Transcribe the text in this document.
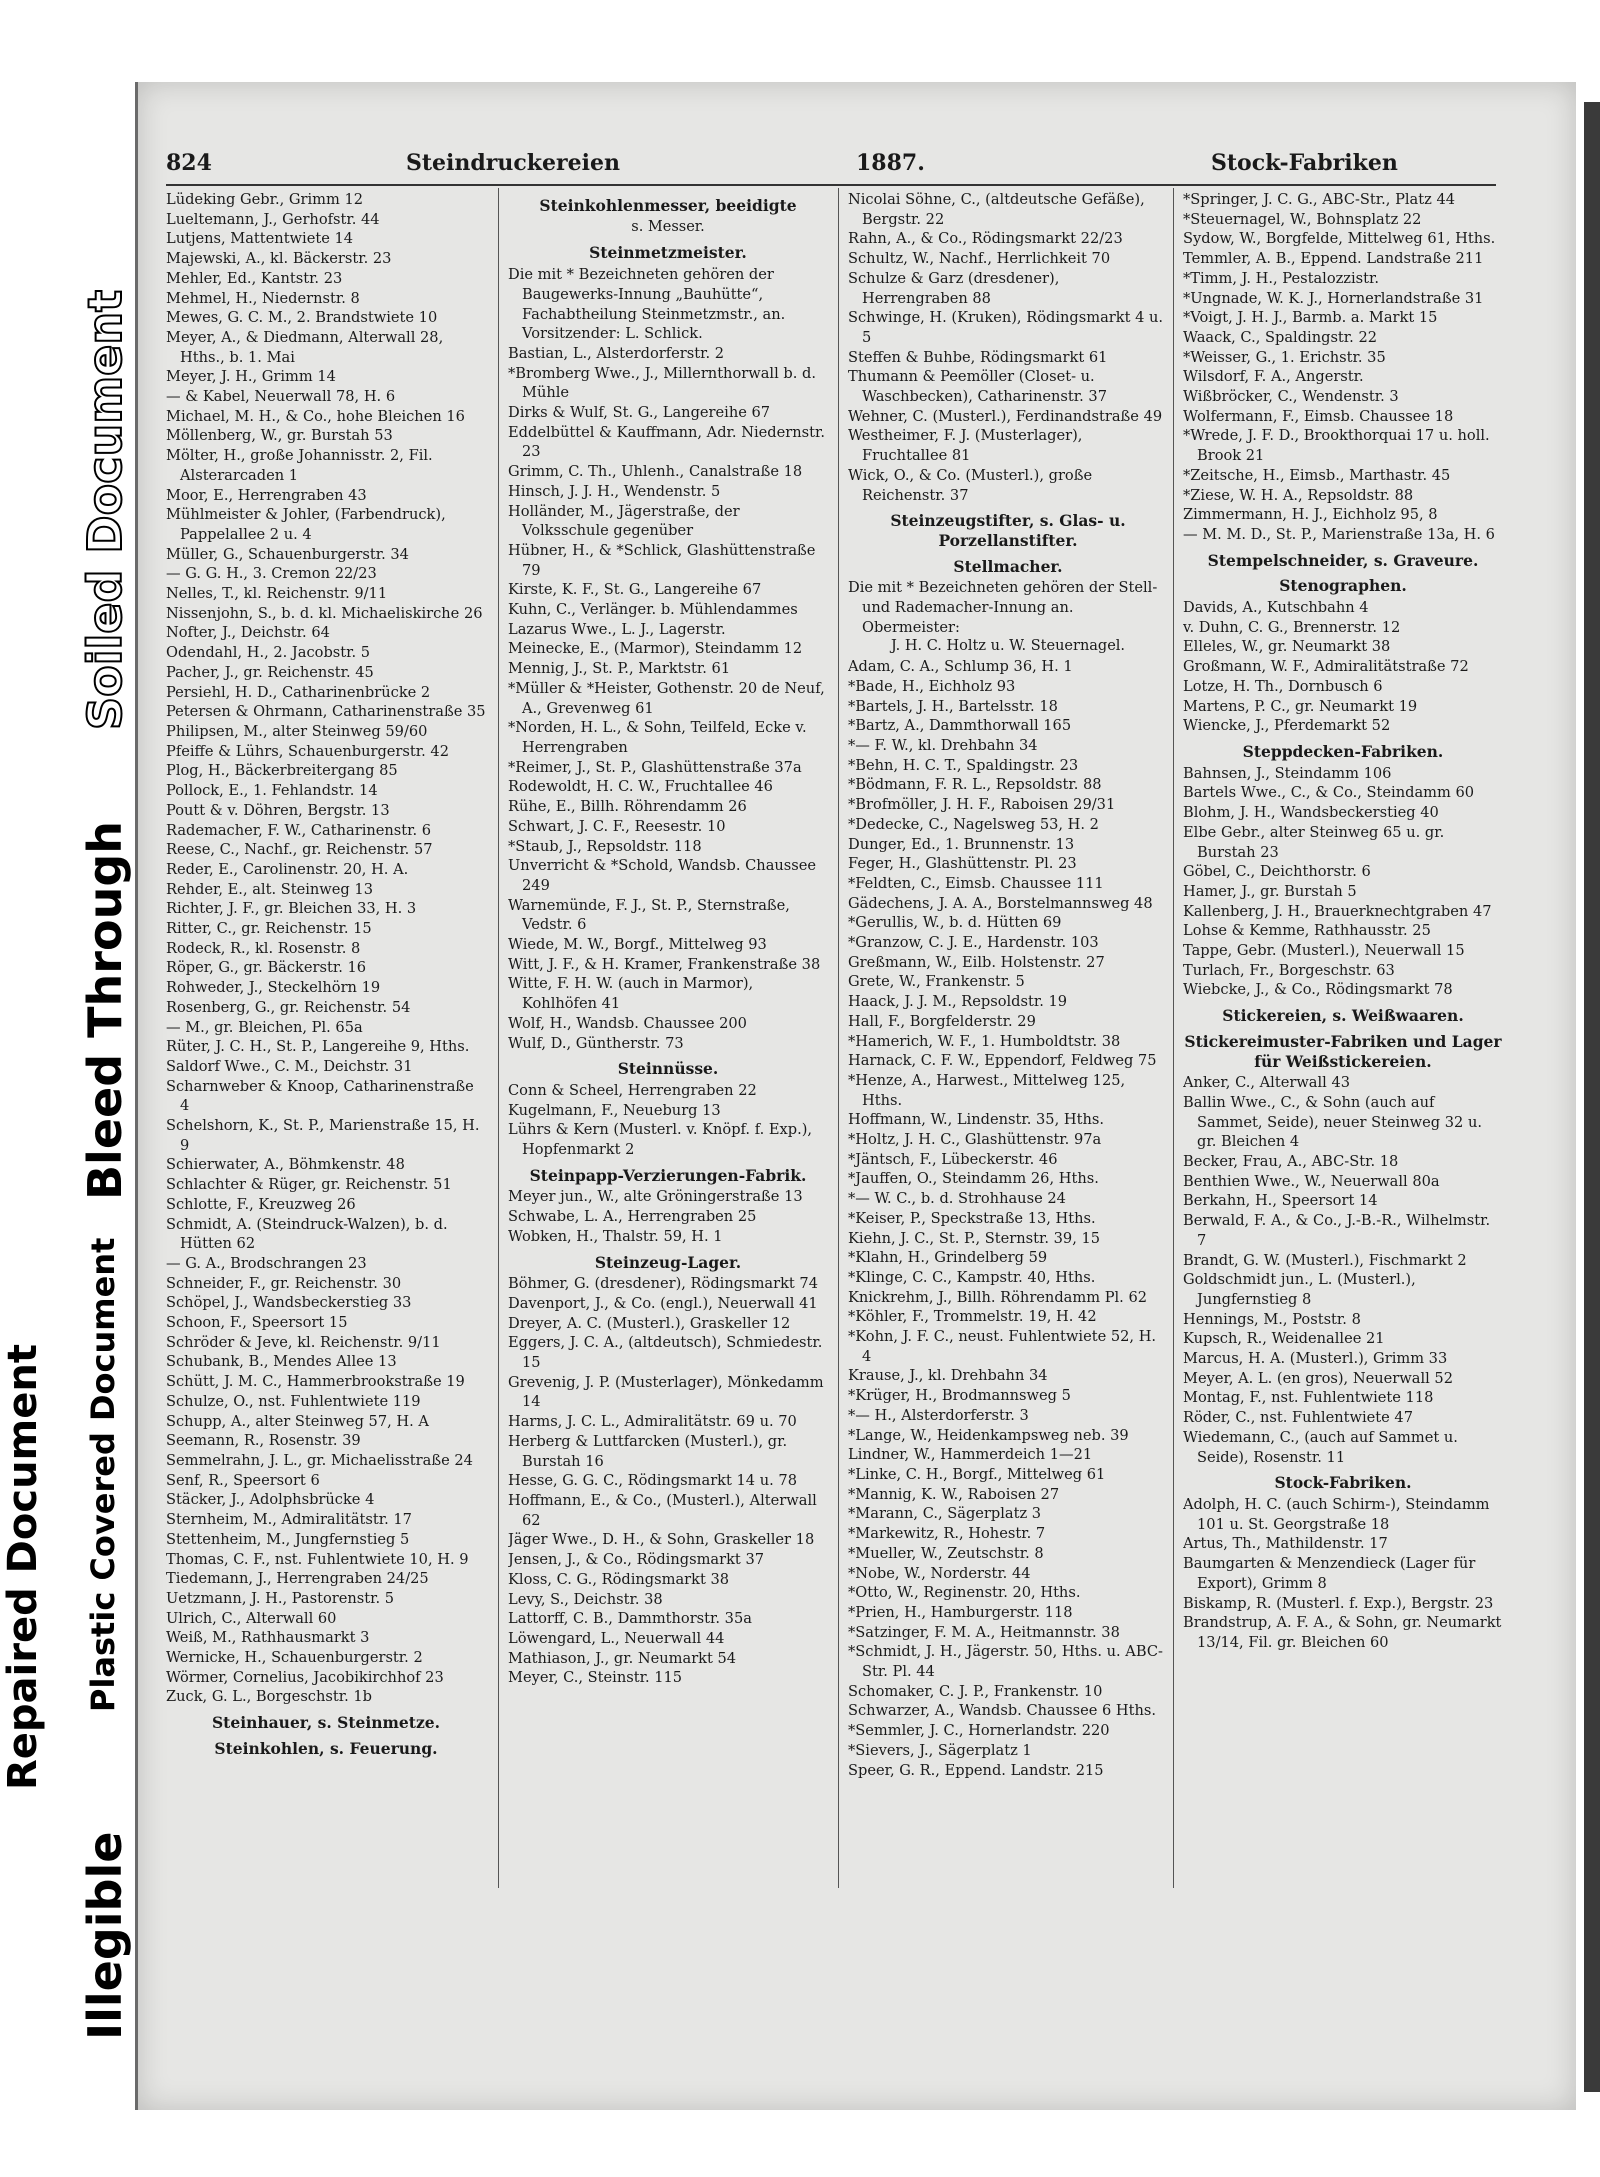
Illegible
Repaired Document Plastic Covered Document
Bleed Through
Soiled Document
824	Steindruckereien	1887.	Stock-Fabriken
Lüdeking Gebr., Grimm 12
Lueltemann, J., Gerhofstr. 44
Lutjens, Mattentwiete 14
Majewski, A., kl. Bäckerstr. 23
Mehler, Ed., Kantstr. 23
Mehmel, H., Niedernstr. 8
Mewes, G. C. M., 2. Brandstwiete 10
Meyer, A., & Diedmann, Alterwall 28, Hths., b. 1. Mai
Meyer, J. H., Grimm 14
— & Kabel, Neuerwall 78, H. 6
Michael, M. H., & Co., hohe Bleichen 16
Möllenberg, W., gr. Burstah 53
Mölter, H., große Johannisstr. 2, Fil. Alsterarcaden 1
Moor, E., Herrengraben 43
Mühlmeister & Johler, (Farbendruck), Pappelallee 2 u. 4
Müller, G., Schauenburgerstr. 34
— G. G. H., 3. Cremon 22/23
Nelles, T., kl. Reichenstr. 9/11
Nissenjohn, S., b. d. kl. Michaeliskirche 26
Nofter, J., Deichstr. 64
Odendahl, H., 2. Jacobstr. 5
Pacher, J., gr. Reichenstr. 45
Persiehl, H. D., Catharinenbrücke 2
Petersen & Ohrmann, Catharinenstraße 35
Philipsen, M., alter Steinweg 59/60
Pfeiffe & Lührs, Schauenburgerstr. 42
Plog, H., Bäckerbreitergang 85
Pollock, E., 1. Fehlandstr. 14
Poutt & v. Döhren, Bergstr. 13
Rademacher, F. W., Catharinenstr. 6
Reese, C., Nachf., gr. Reichenstr. 57
Reder, E., Carolinenstr. 20, H. A.
Rehder, E., alt. Steinweg 13
Richter, J. F., gr. Bleichen 33, H. 3
Ritter, C., gr. Reichenstr. 15
Rodeck, R., kl. Rosenstr. 8
Röper, G., gr. Bäckerstr. 16
Rohweder, J., Steckelhörn 19
Rosenberg, G., gr. Reichenstr. 54
— M., gr. Bleichen, Pl. 65a
Rüter, J. C. H., St. P., Langereihe 9, Hths.
Saldorf Wwe., C. M., Deichstr. 31
Scharnweber & Knoop, Catharinenstraße 4
Schelshorn, K., St. P., Marienstraße 15, H. 9
Schierwater, A., Böhmkenstr. 48
Schlachter & Rüger, gr. Reichenstr. 51
Schlotte, F., Kreuzweg 26
Schmidt, A. (Steindruck-Walzen), b. d. Hütten 62
— G. A., Brodschrangen 23
Schneider, F., gr. Reichenstr. 30
Schöpel, J., Wandsbeckerstieg 33
Schoon, F., Speersort 15
Schröder & Jeve, kl. Reichenstr. 9/11
Schubank, B., Mendes Allee 13
Schütt, J. M. C., Hammerbrookstraße 19
Schulze, O., nst. Fuhlentwiete 119
Schupp, A., alter Steinweg 57, H. A
Seemann, R., Rosenstr. 39
Semmelrahn, J. L., gr. Michaelisstraße 24
Senf, R., Speersort 6
Stäcker, J., Adolphsbrücke 4
Sternheim, M., Admiralitätstr. 17
Stettenheim, M., Jungfernstieg 5
Thomas, C. F., nst. Fuhlentwiete 10, H. 9
Tiedemann, J., Herrengraben 24/25
Uetzmann, J. H., Pastorenstr. 5
Ulrich, C., Alterwall 60
Weiß, M., Rathhausmarkt 3
Wernicke, H., Schauenburgerstr. 2
Wörmer, Cornelius, Jacobikirchhof 23
Zuck, G. L., Borgeschstr. 1b
Steinhauer, s. Steinmetze.
Steinkohlen, s. Feuerung.
Steinkohlenmesser, beeidigte
s. Messer.
Steinmetzmeister.
Die mit * Bezeichneten gehören der Baugewerks-Innung „Bauhütte“, Fachabtheilung Steinmetzmstr., an. Vorsitzender: L. Schlick.
Bastian, L., Alsterdorferstr. 2
*Bromberg Wwe., J., Millernthorwall b. d. Mühle
Dirks & Wulf, St. G., Langereihe 67
Eddelbüttel & Kauffmann, Adr. Niedernstr. 23
Grimm, C. Th., Uhlenh., Canalstraße 18
Hinsch, J. J. H., Wendenstr. 5
Holländer, M., Jägerstraße, der Volksschule gegenüber
Hübner, H., & *Schlick, Glashüttenstraße 79
Kirste, K. F., St. G., Langereihe 67
Kuhn, C., Verlänger. b. Mühlendammes
Lazarus Wwe., L. J., Lagerstr.
Meinecke, E., (Marmor), Steindamm 12
Mennig, J., St. P., Marktstr. 61
*Müller & *Heister, Gothenstr. 20 de Neuf, A., Grevenweg 61
*Norden, H. L., & Sohn, Teilfeld, Ecke v. Herrengraben
*Reimer, J., St. P., Glashüttenstraße 37a
Rodewoldt, H. C. W., Fruchtallee 46
Rühe, E., Billh. Röhrendamm 26
Schwart, J. C. F., Reesestr. 10
*Staub, J., Repsoldstr. 118
Unverricht & *Schold, Wandsb. Chaussee 249
Warnemünde, F. J., St. P., Sternstraße, Vedstr. 6
Wiede, M. W., Borgf., Mittelweg 93
Witt, J. F., & H. Kramer, Frankenstraße 38
Witte, F. H. W. (auch in Marmor), Kohlhöfen 41
Wolf, H., Wandsb. Chaussee 200
Wulf, D., Güntherstr. 73
Steinnüsse.
Conn & Scheel, Herrengraben 22
Kugelmann, F., Neueburg 13
Lührs & Kern (Musterl. v. Knöpf. f. Exp.), Hopfenmarkt 2
Steinpapp-Verzierungen-Fabrik.
Meyer jun., W., alte Gröningerstraße 13
Schwabe, L. A., Herrengraben 25
Wobken, H., Thalstr. 59, H. 1
Steinzeug-Lager.
Böhmer, G. (dresdener), Rödingsmarkt 74
Davenport, J., & Co. (engl.), Neuerwall 41
Dreyer, A. C. (Musterl.), Graskeller 12
Eggers, J. C. A., (altdeutsch), Schmiedestr. 15
Grevenig, J. P. (Musterlager), Mönkedamm 14
Harms, J. C. L., Admiralitätstr. 69 u. 70
Herberg & Luttfarcken (Musterl.), gr. Burstah 16
Hesse, G. G. C., Rödingsmarkt 14 u. 78
Hoffmann, E., & Co., (Musterl.), Alterwall 62
Jäger Wwe., D. H., & Sohn, Graskeller 18
Jensen, J., & Co., Rödingsmarkt 37
Kloss, C. G., Rödingsmarkt 38
Levy, S., Deichstr. 38
Lattorff, C. B., Dammthorstr. 35a
Löwengard, L., Neuerwall 44
Mathiason, J., gr. Neumarkt 54
Meyer, C., Steinstr. 115
Nicolai Söhne, C., (altdeutsche Gefäße), Bergstr. 22
Rahn, A., & Co., Rödingsmarkt 22/23
Schultz, W., Nachf., Herrlichkeit 70
Schulze & Garz (dresdener), Herrengraben 88
Schwinge, H. (Kruken), Rödingsmarkt 4 u. 5
Steffen & Buhbe, Rödingsmarkt 61
Thumann & Peemöller (Closet- u. Waschbecken), Catharinenstr. 37
Wehner, C. (Musterl.), Ferdinandstraße 49
Westheimer, F. J. (Musterlager), Fruchtallee 81
Wick, O., & Co. (Musterl.), große Reichenstr. 37
Steinzeugstifter, s. Glas- u. Porzellanstifter.
Stellmacher.
Die mit * Bezeichneten gehören der Stell- und Rademacher-Innung an. Obermeister:
J. H. C. Holtz u. W. Steuernagel.
Adam, C. A., Schlump 36, H. 1
*Bade, H., Eichholz 93
*Bartels, J. H., Bartelsstr. 18
*Bartz, A., Dammthorwall 165
*— F. W., kl. Drehbahn 34
*Behn, H. C. T., Spaldingstr. 23
*Bödmann, F. R. L., Repsoldstr. 88
*Brofmöller, J. H. F., Raboisen 29/31
*Dedecke, C., Nagelsweg 53, H. 2
Dunger, Ed., 1. Brunnenstr. 13
Feger, H., Glashüttenstr. Pl. 23
*Feldten, C., Eimsb. Chaussee 111
Gädechens, J. A. A., Borstelmannsweg 48
*Gerullis, W., b. d. Hütten 69
*Granzow, C. J. E., Hardenstr. 103
Greßmann, W., Eilb. Holstenstr. 27
Grete, W., Frankenstr. 5
Haack, J. J. M., Repsoldstr. 19
Hall, F., Borgfelderstr. 29
*Hamerich, W. F., 1. Humboldtstr. 38
Harnack, C. F. W., Eppendorf, Feldweg 75
*Henze, A., Harwest., Mittelweg 125, Hths.
Hoffmann, W., Lindenstr. 35, Hths.
*Holtz, J. H. C., Glashüttenstr. 97a
*Jäntsch, F., Lübeckerstr. 46
*Jauffen, O., Steindamm 26, Hths.
*— W. C., b. d. Strohhause 24
*Keiser, P., Speckstraße 13, Hths.
Kiehn, J. C., St. P., Sternstr. 39, 15
*Klahn, H., Grindelberg 59
*Klinge, C. C., Kampstr. 40, Hths.
Knickrehm, J., Billh. Röhrendamm Pl. 62
*Köhler, F., Trommelstr. 19, H. 42
*Kohn, J. F. C., neust. Fuhlentwiete 52, H. 4
Krause, J., kl. Drehbahn 34
*Krüger, H., Brodmannsweg 5
*— H., Alsterdorferstr. 3
*Lange, W., Heidenkampsweg neb. 39
Lindner, W., Hammerdeich 1—21
*Linke, C. H., Borgf., Mittelweg 61
*Mannig, K. W., Raboisen 27
*Marann, C., Sägerplatz 3
*Markewitz, R., Hohestr. 7
*Mueller, W., Zeutschstr. 8
*Nobe, W., Norderstr. 44
*Otto, W., Reginenstr. 20, Hths.
*Prien, H., Hamburgerstr. 118
*Satzinger, F. M. A., Heitmannstr. 38
*Schmidt, J. H., Jägerstr. 50, Hths. u. ABC-Str. Pl. 44
Schomaker, C. J. P., Frankenstr. 10
Schwarzer, A., Wandsb. Chaussee 6 Hths.
*Semmler, J. C., Hornerlandstr. 220
*Sievers, J., Sägerplatz 1
Speer, G. R., Eppend. Landstr. 215
*Springer, J. C. G., ABC-Str., Platz 44
*Steuernagel, W., Bohnsplatz 22
Sydow, W., Borgfelde, Mittelweg 61, Hths.
Temmler, A. B., Eppend. Landstraße 211
*Timm, J. H., Pestalozzistr.
*Ungnade, W. K. J., Hornerlandstraße 31
*Voigt, J. H. J., Barmb. a. Markt 15
Waack, C., Spaldingstr. 22
*Weisser, G., 1. Erichstr. 35
Wilsdorf, F. A., Angerstr.
Wißbröcker, C., Wendenstr. 3
Wolfermann, F., Eimsb. Chaussee 18
*Wrede, J. F. D., Brookthorquai 17 u. holl. Brook 21
*Zeitsche, H., Eimsb., Marthastr. 45
*Ziese, W. H. A., Repsoldstr. 88
Zimmermann, H. J., Eichholz 95, 8
— M. M. D., St. P., Marienstraße 13a, H. 6
Stempelschneider, s. Graveure.
Stenographen.
Davids, A., Kutschbahn 4
v. Duhn, C. G., Brennerstr. 12
Elleles, W., gr. Neumarkt 38
Großmann, W. F., Admiralitätstraße 72
Lotze, H. Th., Dornbusch 6
Martens, P. C., gr. Neumarkt 19
Wiencke, J., Pferdemarkt 52
Steppdecken-Fabriken.
Bahnsen, J., Steindamm 106
Bartels Wwe., C., & Co., Steindamm 60
Blohm, J. H., Wandsbeckerstieg 40
Elbe Gebr., alter Steinweg 65 u. gr. Burstah 23
Göbel, C., Deichthorstr. 6
Hamer, J., gr. Burstah 5
Kallenberg, J. H., Brauerknechtgraben 47
Lohse & Kemme, Rathhausstr. 25
Tappe, Gebr. (Musterl.), Neuerwall 15
Turlach, Fr., Borgeschstr. 63
Wiebcke, J., & Co., Rödingsmarkt 78
Stickereien, s. Weißwaaren.
Stickereimuster-Fabriken und Lager für Weißstickereien.
Anker, C., Alterwall 43
Ballin Wwe., C., & Sohn (auch auf Sammet, Seide), neuer Steinweg 32 u. gr. Bleichen 4
Becker, Frau, A., ABC-Str. 18
Benthien Wwe., W., Neuerwall 80a
Berkahn, H., Speersort 14
Berwald, F. A., & Co., J.-B.-R., Wilhelmstr. 7
Brandt, G. W. (Musterl.), Fischmarkt 2
Goldschmidt jun., L. (Musterl.), Jungfernstieg 8
Hennings, M., Poststr. 8
Kupsch, R., Weidenallee 21
Marcus, H. A. (Musterl.), Grimm 33
Meyer, A. L. (en gros), Neuerwall 52
Montag, F., nst. Fuhlentwiete 118
Röder, C., nst. Fuhlentwiete 47
Wiedemann, C., (auch auf Sammet u. Seide), Rosenstr. 11
Stock-Fabriken.
Adolph, H. C. (auch Schirm-), Steindamm 101 u. St. Georgstraße 18
Artus, Th., Mathildenstr. 17
Baumgarten & Menzendieck (Lager für Export), Grimm 8
Biskamp, R. (Musterl. f. Exp.), Bergstr. 23
Brandstrup, A. F. A., & Sohn, gr. Neumarkt 13/14, Fil. gr. Bleichen 60
